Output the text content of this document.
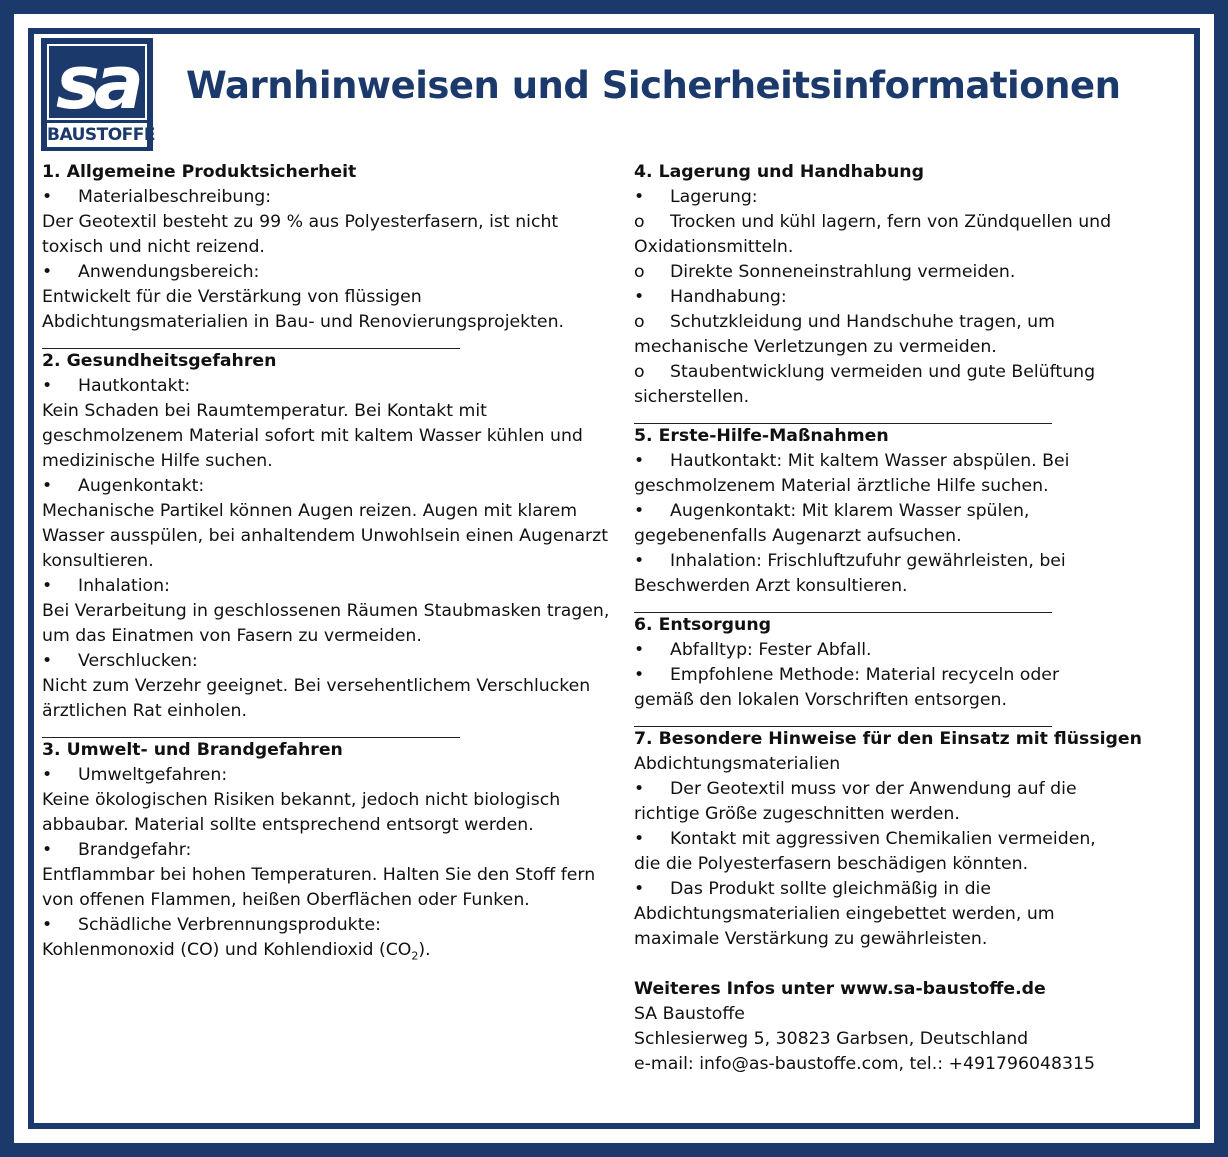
sa
BAUSTOFFE
Warnhinweisen und Sicherheitsinformationen
1. Allgemeine Produktsicherheit
• Materialbeschreibung:
Der Geotextil besteht zu 99 % aus Polyesterfasern, ist nicht toxisch und nicht reizend.
• Anwendungsbereich:
Entwickelt für die Verstärkung von flüssigen Abdichtungsmaterialien in Bau- und Renovierungsprojekten.
2. Gesundheitsgefahren
• Hautkontakt:
Kein Schaden bei Raumtemperatur. Bei Kontakt mit geschmolzenem Material sofort mit kaltem Wasser kühlen und medizinische Hilfe suchen.
• Augenkontakt:
Mechanische Partikel können Augen reizen. Augen mit klarem Wasser ausspülen, bei anhaltendem Unwohlsein einen Augenarzt konsultieren.
• Inhalation:
Bei Verarbeitung in geschlossenen Räumen Staubmasken tragen, um das Einatmen von Fasern zu vermeiden.
• Verschlucken:
Nicht zum Verzehr geeignet. Bei versehentlichem Verschlucken ärztlichen Rat einholen.
3. Umwelt- und Brandgefahren
• Umweltgefahren:
Keine ökologischen Risiken bekannt, jedoch nicht biologisch abbaubar. Material sollte entsprechend entsorgt werden.
• Brandgefahr:
Entflammbar bei hohen Temperaturen. Halten Sie den Stoff fern von offenen Flammen, heißen Oberflächen oder Funken.
• Schädliche Verbrennungsprodukte:
Kohlenmonoxid (CO) und Kohlendioxid $(CO_2)$.
4. Lagerung und Handhabung
• Lagerung:
o Trocken und kühl lagern, fern von Zündquellen und
Oxidationsmitteln.
o Direkte Sonneneinstrahlung vermeiden.
• Handhabung:
o Schutzkleidung und Handschuhe tragen, um
mechanische Verletzungen zu vermeiden.
o Staubentwicklung vermeiden und gute Belüftung
sicherstellen.
5. Erste-Hilfe-Maßnahmen
• Hautkontakt: Mit kaltem Wasser abspülen. Bei
geschmolzenem Material ärztliche Hilfe suchen.
• Augenkontakt: Mit klarem Wasser spülen,
gegebenenfalls Augenarzt aufsuchen.
• Inhalation: Frischluftzufuhr gewährleisten, bei
Beschwerden Arzt konsultieren.
6. Entsorgung
• Abfalltyp: Fester Abfall.
• Empfohlene Methode: Material recyceln oder
gemäß den lokalen Vorschriften entsorgen.
7. Besondere Hinweise für den Einsatz mit flüssigen
Abdichtungsmaterialien
• Der Geotextil muss vor der Anwendung auf die
richtige Größe zugeschnitten werden.
• Kontakt mit aggressiven Chemikalien vermeiden,
die die Polyesterfasern beschädigen könnten.
• Das Produkt sollte gleichmäßig in die
Abdichtungsmaterialien eingebettet werden, um
maximale Verstärkung zu gewährleisten.
Weiteres Infos unter www.sa-baustoffe.de
SA Baustoffe
Schlesierweg 5, 30823 Garbsen, Deutschland
e-mail: info@as-baustoffe.com, tel.: +491796048315
